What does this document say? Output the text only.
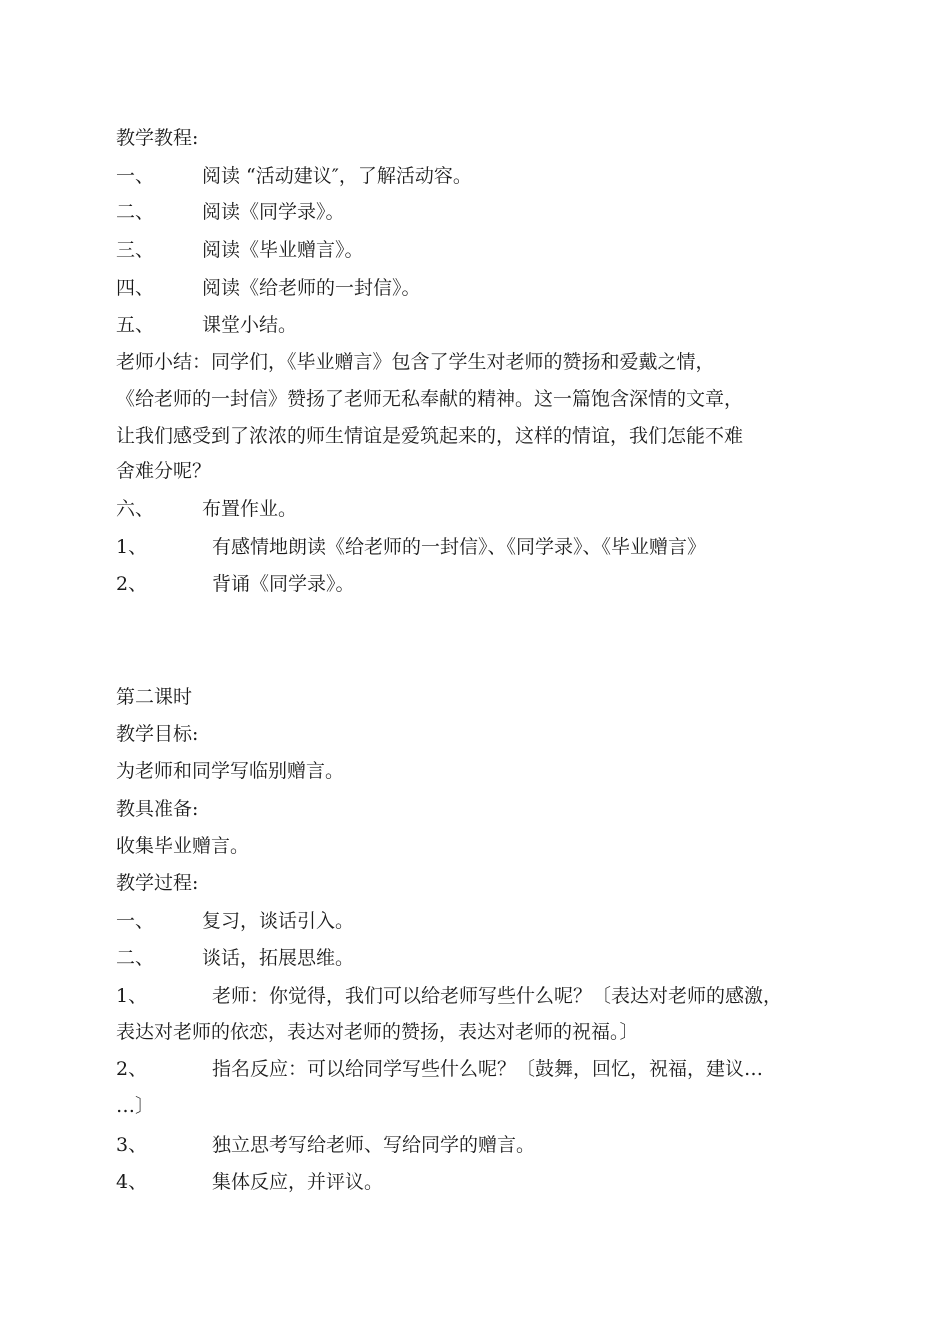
教学教程:
一、	阅读 “活动建议″，了解活动容。
二、	阅读《同学录》。
三、	阅读《毕业赠言》。
四、	阅读《给老师的一封信》。
五、	课堂小结。
老师小结：同学们，《毕业赠言》包含了学生对老师的赞扬和爱戴之情，
《给老师的一封信》赞扬了老师无私奉献的精神。这一篇饱含深情的文章，
让我们感受到了浓浓的师生情谊是爱筑起来的，这样的情谊，我们怎能不难
舍难分呢？
六、	布置作业。
1、	有感情地朗读《给老师的一封信》、《同学录》、《毕业赠言》
2、	背诵《同学录》。
第二课时
教学目标:
为老师和同学写临别赠言。
教具准备:
收集毕业赠言。
教学过程:
一、	复习，谈话引入。
二、	谈话，拓展思维。
1、	老师：你觉得，我们可以给老师写些什么呢？〔表达对老师的感激，
表达对老师的依恋，表达对老师的赞扬，表达对老师的祝福。〕
2、	指名反应：可以给同学写些什么呢？〔鼓舞，回忆，祝福，建议…
…〕
3、	独立思考写给老师、写给同学的赠言。
4、	集体反应，并评议。
